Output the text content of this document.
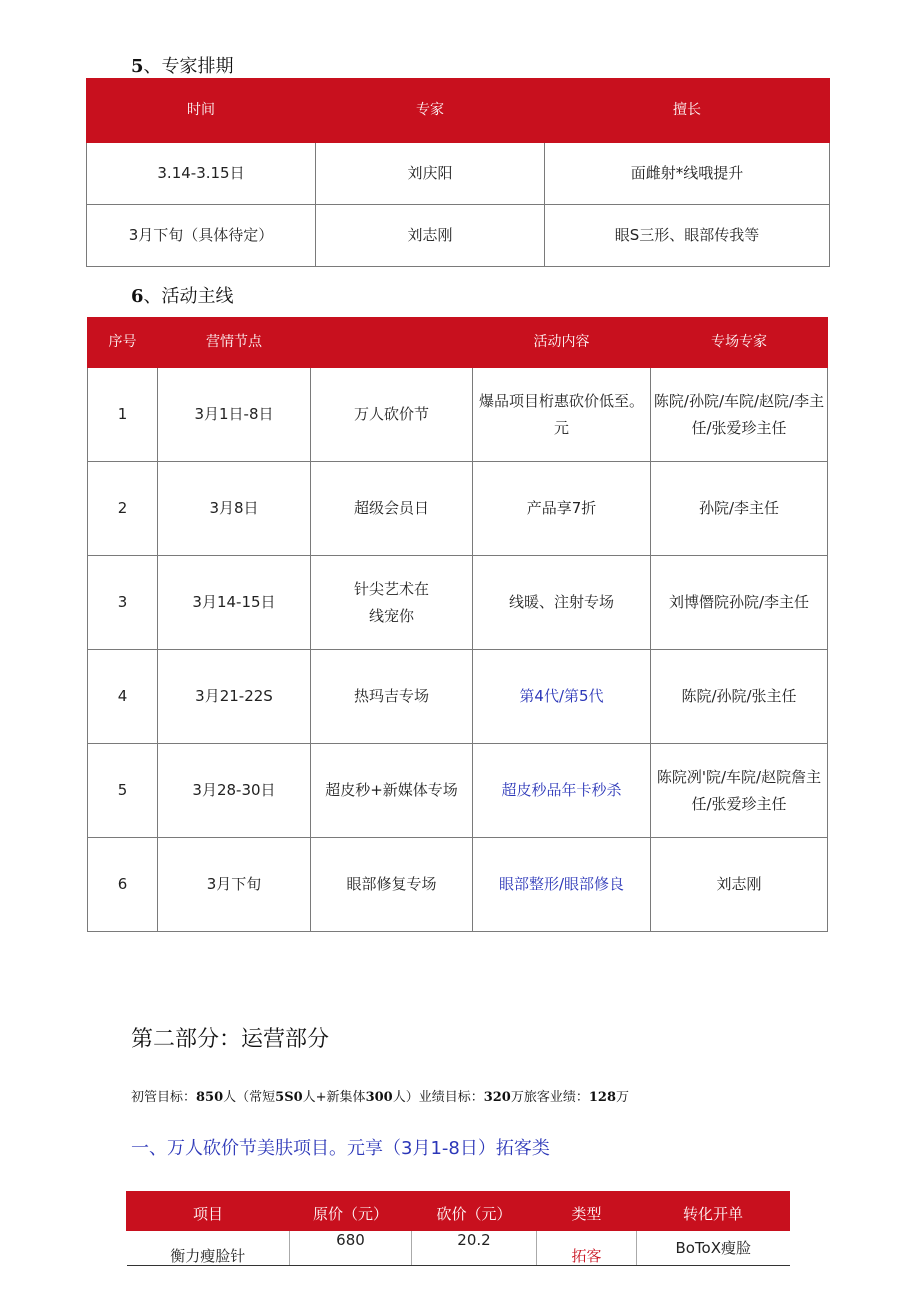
5、专家排期
时间	专家	擅长
3.14-3.15日	刘庆阳	面雌射*线哦提升
3月下旬（具体待定）	刘志刚	眼S三形、眼部传我等
6、活动主线
序号	营情节点		活动内容	专场专家
1	3月1日-8日	万人砍价节	爆品项目桁惠砍价低至。元	陈院/孙院/车院/赵院/李主任/张爱珍主任
2	3月8日	超级会员日	产品享7折	孙院/李主任
3	3月14-15日	针尖艺术在线宠你	线暖、注射专场	刘博僭院孙院/李主任
4	3月21-22S	热玛吉专场	第4代/第5代	陈院/孙院/张主任
5	3月28-30日	超皮秒+新媒体专场	超皮秒品年卡秒杀	陈院冽'院/车院/赵院詹主任/张爱珍主任
6	3月下旬	眼部修复专场	眼部整形/眼部修良	刘志刚
第二部分：运营部分
初管目标：850人（常短5S0人+新集体300人）业绩目标：320万旅客业绩：128万
一、万人砍价节美肤项目。元享（3月1-8日）拓客类
项目	原价（元）	砍价（元）	类型	转化开单
衡力瘦脸针	680	20.2	拓客	BoToX瘦脸
